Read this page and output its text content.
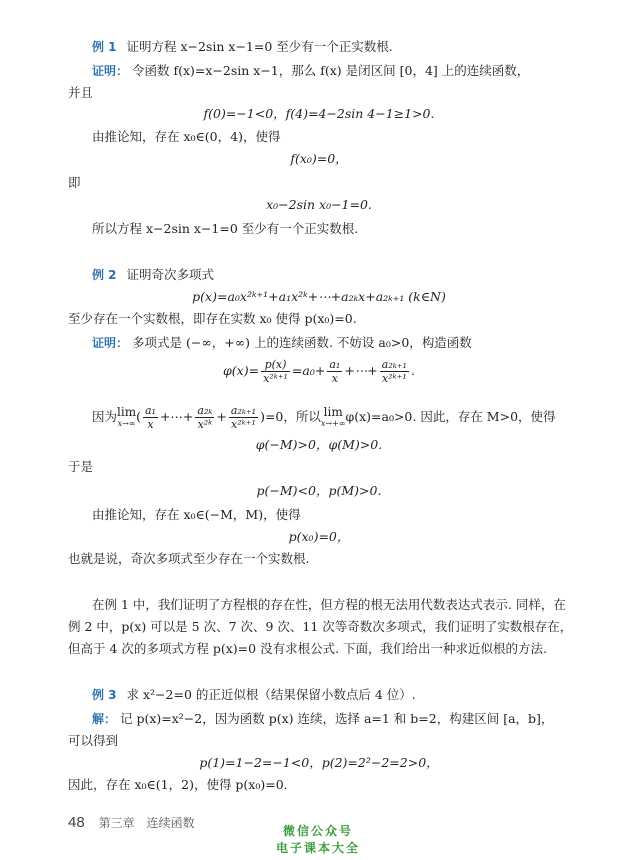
例 1 证明方程 x−2sin x−1=0 至少有一个正实数根.
证明： 令函数 f(x)=x−2sin x−1，那么 f(x) 是闭区间 [0，4] 上的连续函数，
并且
f(0)=−1<0，f(4)=4−2sin 4−1≥1>0.
由推论知，存在 x₀∈(0，4)，使得
f(x₀)=0，
即
x₀−2sin x₀−1=0.
所以方程 x−2sin x−1=0 至少有一个正实数根.
例 2 证明奇次多项式
p(x)=a₀x²ᵏ⁺¹+a₁x²ᵏ+⋯+a₂ₖx+a₂ₖ₊₁ (k∈N)
至少存在一个实数根，即存在实数 x₀ 使得 p(x₀)=0.
证明： 多项式是 (−∞，+∞) 上的连续函数. 不妨设 a₀>0，构造函数
$\varphi(x)= \frac{p(x)}{\text{x²ᵏ⁺¹}} =a_0+ \frac{\text{a₁}}{x}$ +⋯+ $\frac{\text{a₂ₖ₊₁}}{\text{x²ᵏ⁺¹}}$ .
因为 lim
x→∞ ( $\frac{\text{a₁}}{x}$ +⋯+ $\frac{\text{a₂ₖ}}{\text{x²ᵏ}} + \frac{\text{a₂ₖ₊₁}}{\text{x²ᵏ⁺¹}} )=0$，所以 lim
x→+∞ φ(x)=a₀>0. 因此，存在 M>0，使得
φ(−M)>0，φ(M)>0.
于是
p(−M)<0，p(M)>0.
由推论知，存在 x₀∈(−M，M)，使得
p(x₀)=0，
也就是说，奇次多项式至少存在一个实数根.
在例 1 中，我们证明了方程根的存在性，但方程的根无法用代数表达式表示. 同样，在
例 2 中，p(x) 可以是 5 次、7 次、9 次、11 次等奇数次多项式，我们证明了实数根存在，
但高于 4 次的多项式方程 p(x)=0 没有求根公式. 下面，我们给出一种求近似根的方法.
例 3 求 x²−2=0 的正近似根（结果保留小数点后 4 位）.
解： 记 p(x)=x²−2，因为函数 p(x) 连续，选择 a=1 和 b=2，构建区间 [a，b]，
可以得到
p(1)=1−2=−1<0，p(2)=2²−2=2>0，
因此，存在 x₀∈(1，2)，使得 p(x₀)=0.
48 第三章　连续函数
微信公众号
电子课本大全
